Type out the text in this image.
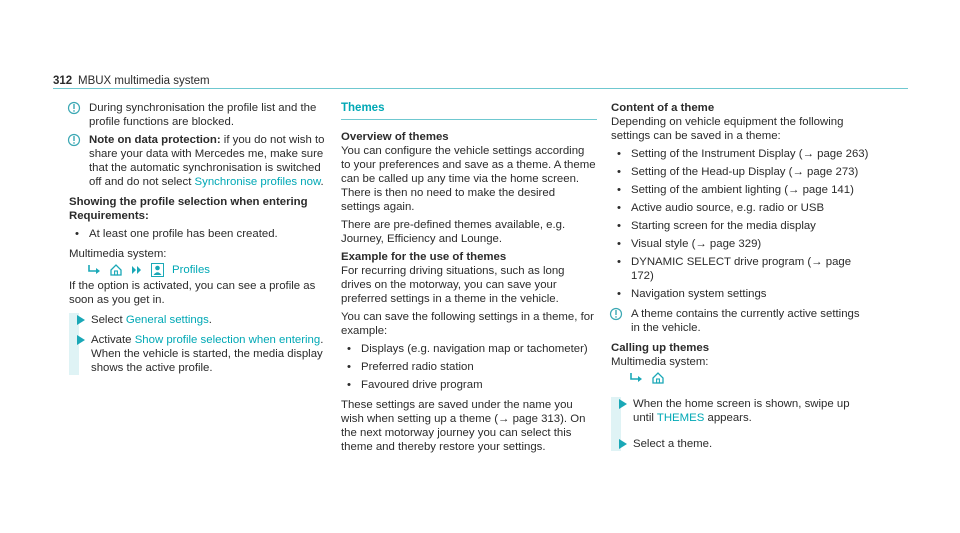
312 MBUX multimedia system

During synchronisation the profile list and the profile functions are blocked.

Note on data protection: if you do not wish to share your data with Mercedes me, make sure that the automatic synchronisation is switched off and do not select Synchronise profiles now.

Showing the profile selection when entering

Requirements:

• At least one profile has been created.

Multimedia system:

Profiles

If the option is activated, you can see a profile as soon as you get in.

Select General settings.

Activate Show profile selection when entering.

When the vehicle is started, the media display shows the active profile.

Themes

Overview of themes

You can configure the vehicle settings according to your preferences and save as a theme. A theme can be called up any time via the home screen. There is then no need to make the desired settings again.

There are pre-defined themes available, e.g. Journey, Efficiency and Lounge.

Example for the use of themes

For recurring driving situations, such as long drives on the motorway, you can save your preferred settings in a theme in the vehicle.

You can save the following settings in a theme, for example:

• Displays (e.g. navigation map or tachometer)

• Preferred radio station

• Favoured drive program

These settings are saved under the name you wish when setting up a theme (→ page 313). On the next motorway journey you can select this theme and thereby restore your settings.

Content of a theme

Depending on vehicle equipment the following settings can be saved in a theme:

• Setting of the Instrument Display (→ page 263)

• Setting of the Head-up Display (→ page 273)

• Setting of the ambient lighting (→ page 141)

• Active audio source, e.g. radio or USB

• Starting screen for the media display

• Visual style (→ page 329)

• DYNAMIC SELECT drive program (→ page 172)

• Navigation system settings

A theme contains the currently active settings in the vehicle.

Calling up themes

Multimedia system:

When the home screen is shown, swipe up until THEMES appears.

Select a theme.
